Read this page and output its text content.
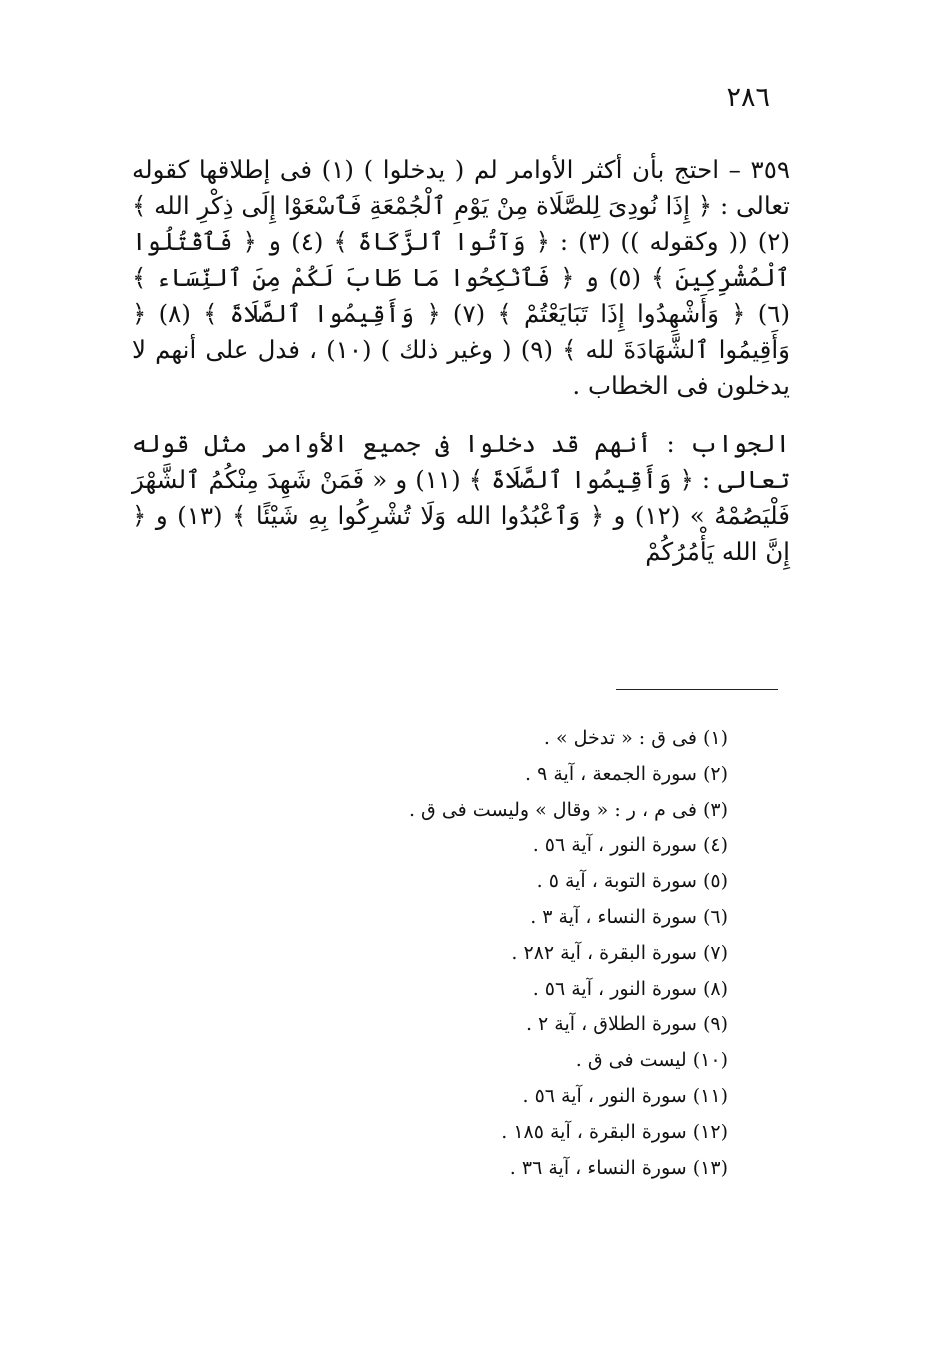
٢٨٦

٣٥٩ – احتج بأن أكثر الأوامر لم ( يدخلوا ) (١) فى إطلاقها كقوله تعالى : ﴿ إِذَا نُودِىَ لِلصَّلَاة مِنْ يَوْمِ ٱلْجُمْعَةِ فَٱسْعَوْا إِلَى ذِكْرِ الله ﴾ (٢) (( وكقوله )) (٣) : ﴿ وَآتُوا ٱلزَّكَاةَ ﴾ (٤) و ﴿ فَٱقْتُلُوا ٱلْمُشْرِكِينَ ﴾ (٥) و ﴿ فَٱنْكِحُوا مَا طَابَ لَكُمْ مِنَ ٱلنِّسَاء ﴾ (٦) ﴿ وَأَشْهِدُوا إِذَا تَبَايَعْتُمْ ﴾ (٧) ﴿ وَأَقِيمُوا ٱلصَّلَاةَ ﴾ (٨) ﴿ وَأَقِيمُوا ٱلشَّهَادَةَ لله ﴾ (٩) ( وغير ذلك ) (١٠) ، فدل على أنهم لا يدخلون فى الخطاب .

الجواب : أنهم قد دخلوا فى جميع الأوامر مثل قوله تعالى : ﴿ وَأَقِيمُوا ٱلصَّلَاةَ ﴾ (١١) و « فَمَنْ شَهِدَ مِنْكُمُ ٱلشَّهْرَ فَلْيَصُمْهُ » (١٢) و ﴿ وَٱعْبُدُوا الله وَلَا تُشْرِكُوا بِهِ شَيْئًا ﴾ (١٣) و ﴿ إِنَّ الله يَأْمُرُكُمْ

(١) فى ق : « تدخل » .
(٢) سورة الجمعة ، آية ٩ .
(٣) فى م ، ر : « وقال » وليست فى ق .
(٤) سورة النور ، آية ٥٦ .
(٥) سورة التوبة ، آية ٥ .
(٦) سورة النساء ، آية ٣ .
(٧) سورة البقرة ، آية ٢٨٢ .
(٨) سورة النور ، آية ٥٦ .
(٩) سورة الطلاق ، آية ٢ .
(١٠) ليست فى ق .
(١١) سورة النور ، آية ٥٦ .
(١٢) سورة البقرة ، آية ١٨٥ .
(١٣) سورة النساء ، آية ٣٦ .
